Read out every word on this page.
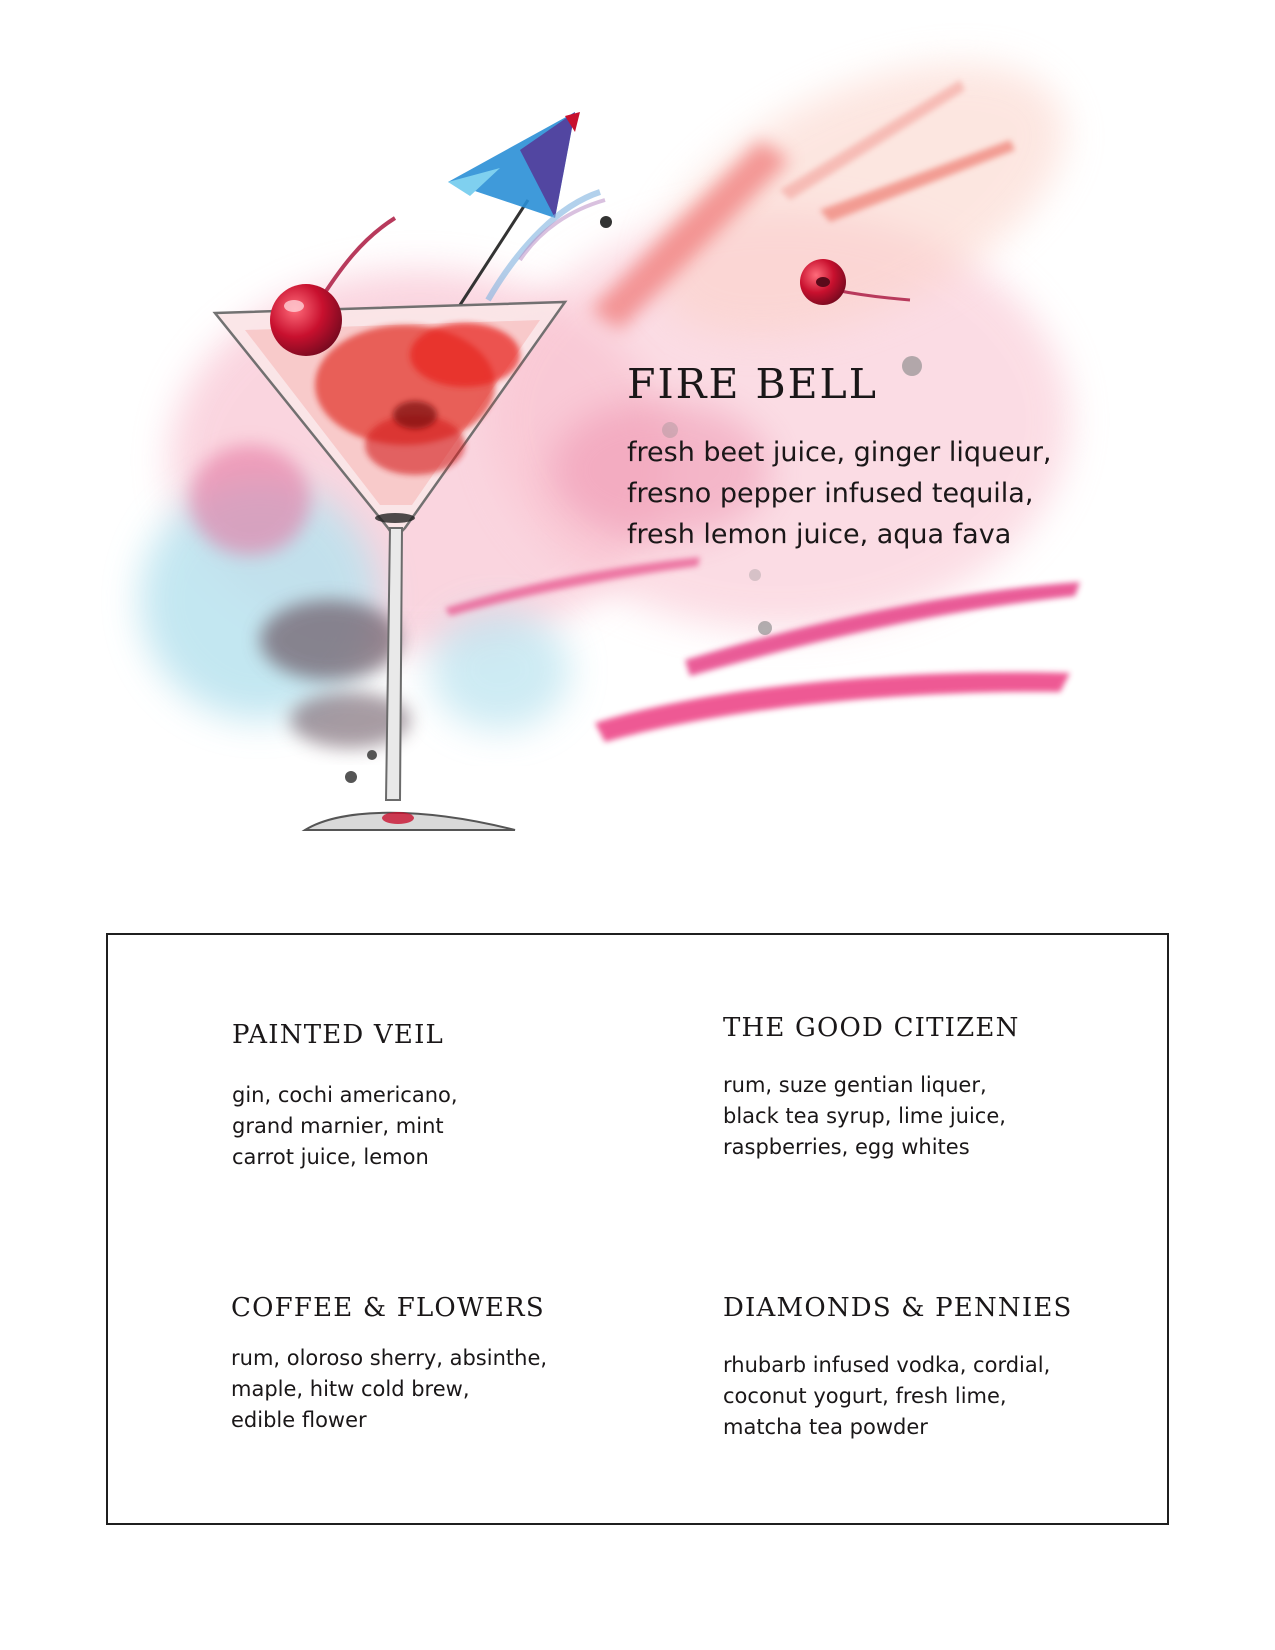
FIRE BELL

fresh beet juice, ginger liqueur,
fresno pepper infused tequila,
fresh lemon juice, aqua fava

PAINTED VEIL

gin, cochi americano,
grand marnier, mint
carrot juice, lemon

THE GOOD CITIZEN

rum, suze gentian liquer,
black tea syrup, lime juice,
raspberries, egg whites

COFFEE & FLOWERS

rum, oloroso sherry, absinthe,
maple, hitw cold brew,
edible flower

DIAMONDS & PENNIES

rhubarb infused vodka, cordial,
coconut yogurt, fresh lime,
matcha tea powder
